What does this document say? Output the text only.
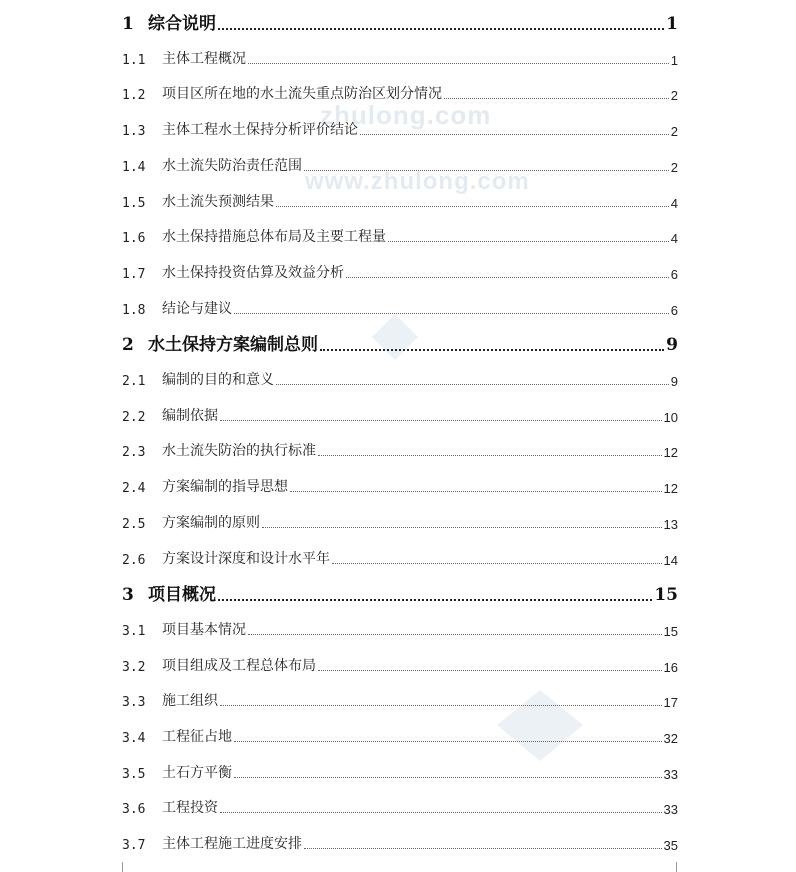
zhulong.com
www.zhulong.com
1 综合说明	1
1.1	主体工程概况	1
1.2	项目区所在地的水土流失重点防治区划分情况	2
1.3	主体工程水土保持分析评价结论	2
1.4	水土流失防治责任范围	2
1.5	水土流失预测结果	4
1.6	水土保持措施总体布局及主要工程量	4
1.7	水土保持投资估算及效益分析	6
1.8	结论与建议	6
2 水土保持方案编制总则	9
2.1	编制的目的和意义	9
2.2	编制依据	10
2.3	水土流失防治的执行标准	12
2.4	方案编制的指导思想	12
2.5	方案编制的原则	13
2.6	方案设计深度和设计水平年	14
3 项目概况	15
3.1	项目基本情况	15
3.2	项目组成及工程总体布局	16
3.3	施工组织	17
3.4	工程征占地	32
3.5	土石方平衡	33
3.6	工程投资	33
3.7	主体工程施工进度安排	35
